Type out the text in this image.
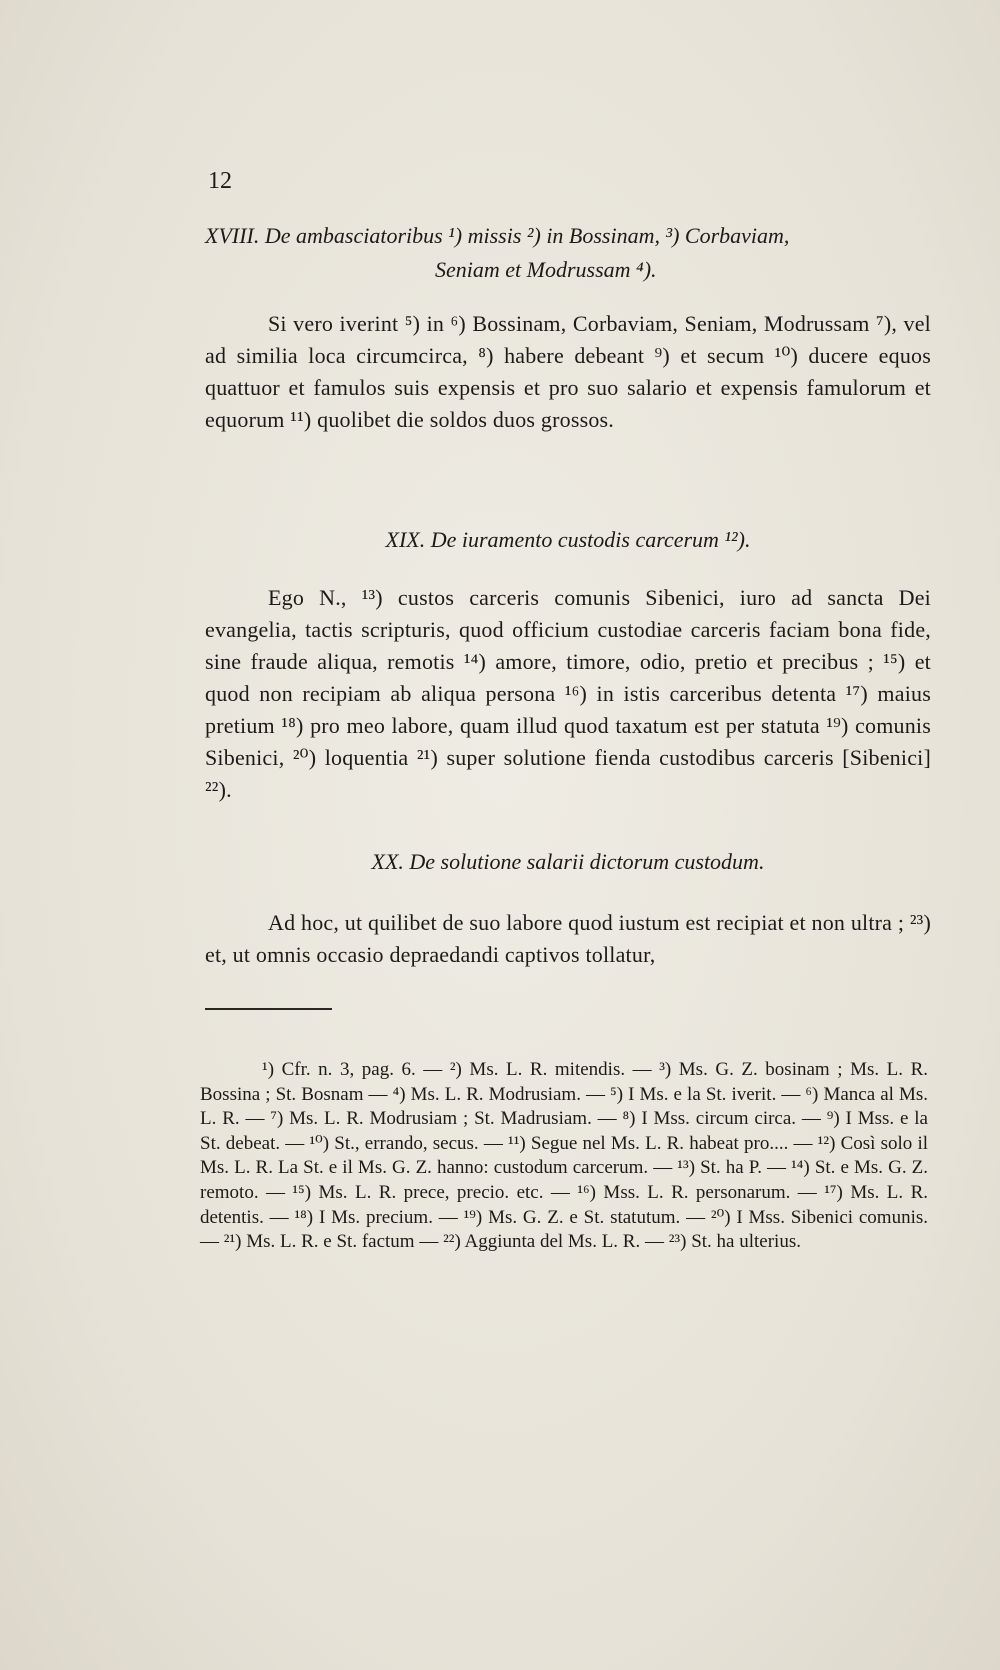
12
XVIII. De ambasciatoribus ¹) missis ²) in Bossinam, ³) Corbaviam,
Seniam et Modrussam ⁴).

Si vero iverint ⁵) in ⁶) Bossinam, Corbaviam, Seniam, Modrussam ⁷), vel ad similia loca circumcirca, ⁸) habere debeant ⁹) et secum ¹⁰) ducere equos quattuor et famulos suis expensis et pro suo salario et expensis famulorum et equorum ¹¹) quolibet die soldos duos grossos.

XIX. De iuramento custodis carcerum ¹²).

Ego N., ¹³) custos carceris comunis Sibenici, iuro ad sancta Dei evangelia, tactis scripturis, quod officium custodiae carceris faciam bona fide, sine fraude aliqua, remotis ¹⁴) amore, timore, odio, pretio et precibus ; ¹⁵) et quod non recipiam ab aliqua persona ¹⁶) in istis carceribus detenta ¹⁷) maius pretium ¹⁸) pro meo labore, quam illud quod taxatum est per statuta ¹⁹) comunis Sibenici, ²⁰) loquentia ²¹) super solutione fienda custodibus carceris [Sibenici] ²²).

XX. De solutione salarii dictorum custodum.

Ad hoc, ut quilibet de suo labore quod iustum est recipiat et non ultra ; ²³) et, ut omnis occasio depraedandi captivos tollatur,

¹) Cfr. n. 3, pag. 6. — ²) Ms. L. R. mitendis. — ³) Ms. G. Z. bosinam ; Ms. L. R. Bossina ; St. Bosnam — ⁴) Ms. L. R. Modrusiam. — ⁵) I Ms. e la St. iverit. — ⁶) Manca al Ms. L. R. — ⁷) Ms. L. R. Modrusiam ; St. Madrusiam. — ⁸) I Mss. circum circa. — ⁹) I Mss. e la St. debeat. — ¹⁰) St., errando, secus. — ¹¹) Segue nel Ms. L. R. habeat pro.... — ¹²) Così solo il Ms. L. R. La St. e il Ms. G. Z. hanno: custodum carcerum. — ¹³) St. ha P. — ¹⁴) St. e Ms. G. Z. remoto. — ¹⁵) Ms. L. R. prece, precio. etc. — ¹⁶) Mss. L. R. personarum. — ¹⁷) Ms. L. R. detentis. — ¹⁸) I Ms. precium. — ¹⁹) Ms. G. Z. e St. statutum. — ²⁰) I Mss. Sibenici comunis. — ²¹) Ms. L. R. e St. factum — ²²) Aggiunta del Ms. L. R. — ²³) St. ha ulterius.
